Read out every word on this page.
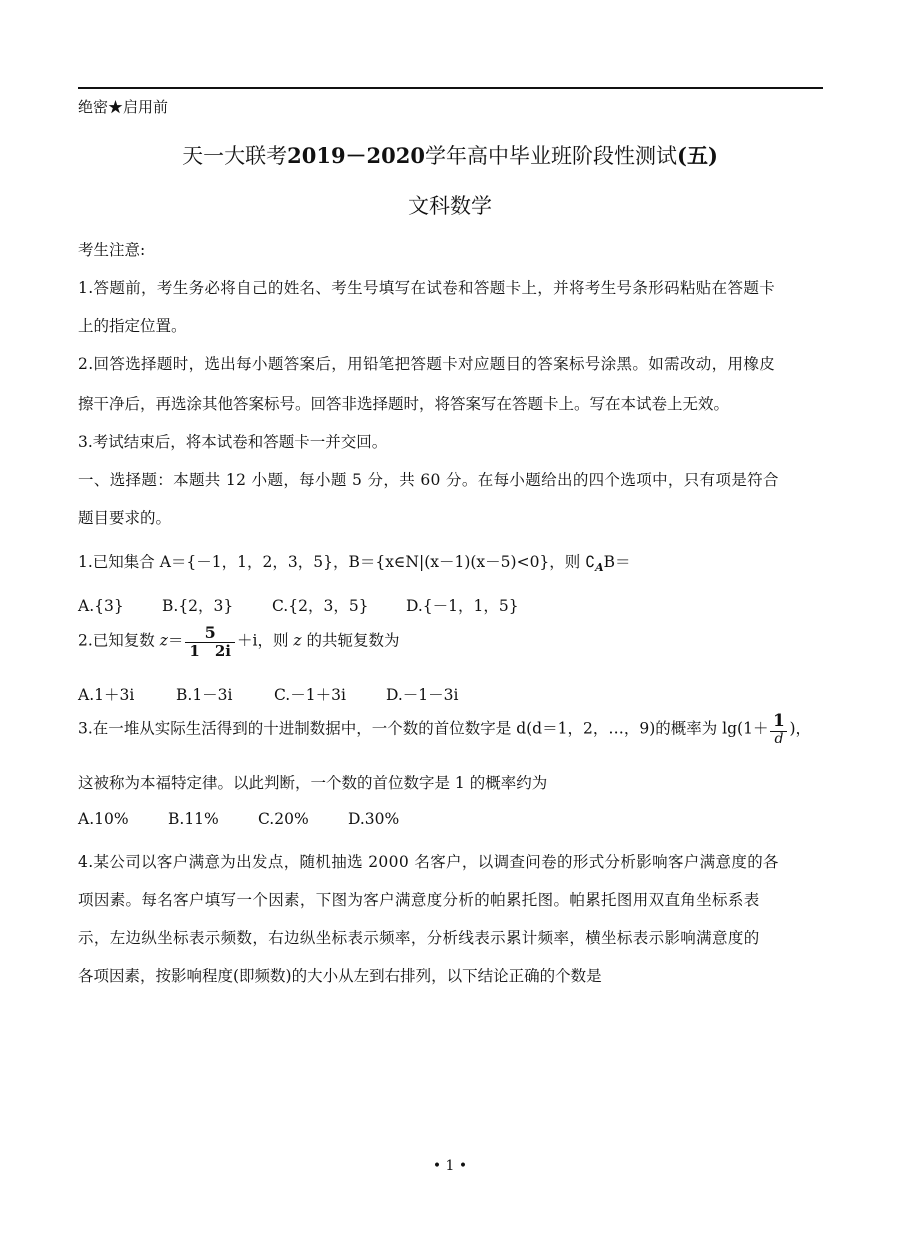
绝密★启用前
天一大联考2019－2020学年高中毕业班阶段性测试(五)
文科数学
考生注意:
1.答题前，考生务必将自己的姓名、考生号填写在试卷和答题卡上，并将考生号条形码粘贴在答题卡
上的指定位置。
2.回答选择题时，选出每小题答案后，用铅笔把答题卡对应题目的答案标号涂黑。如需改动，用橡皮
擦干净后，再选涂其他答案标号。回答非选择题时，将答案写在答题卡上。写在本试卷上无效。
3.考试结束后，将本试卷和答题卡一并交回。
一、选择题：本题共 12 小题，每小题 5 分，共 60 分。在每小题给出的四个选项中，只有项是符合
题目要求的。
1.已知集合 A＝{－1，1，2，3，5}，B＝{x∈N|(x－1)(x－5)<0}，则 $∁_AB=$
A.{3} B.{2，3} C.{2，3，5} D.{－1，1，5}
2.已知复数 $z= \frac{5}{1 2i} +i$，则 z 的共轭复数为
A.1＋3i	B.1－3i	C.－1＋3i	D.－1－3i
3.在一堆从实际生活得到的十进制数据中，一个数的首位数字是 d(d＝1，2，…，9)的概率为 $\lg(1+ \frac{1}{d}$ )，
这被称为本福特定律。以此判断，一个数的首位数字是 1 的概率约为
A.10%	B.11%	C.20%	D.30%
4.某公司以客户满意为出发点，随机抽选 2000 名客户，以调查问卷的形式分析影响客户满意度的各
项因素。每名客户填写一个因素，下图为客户满意度分析的帕累托图。帕累托图用双直角坐标系表
示，左边纵坐标表示频数，右边纵坐标表示频率，分析线表示累计频率，横坐标表示影响满意度的
各项因素，按影响程度(即频数)的大小从左到右排列，以下结论正确的个数是
• 1 •
